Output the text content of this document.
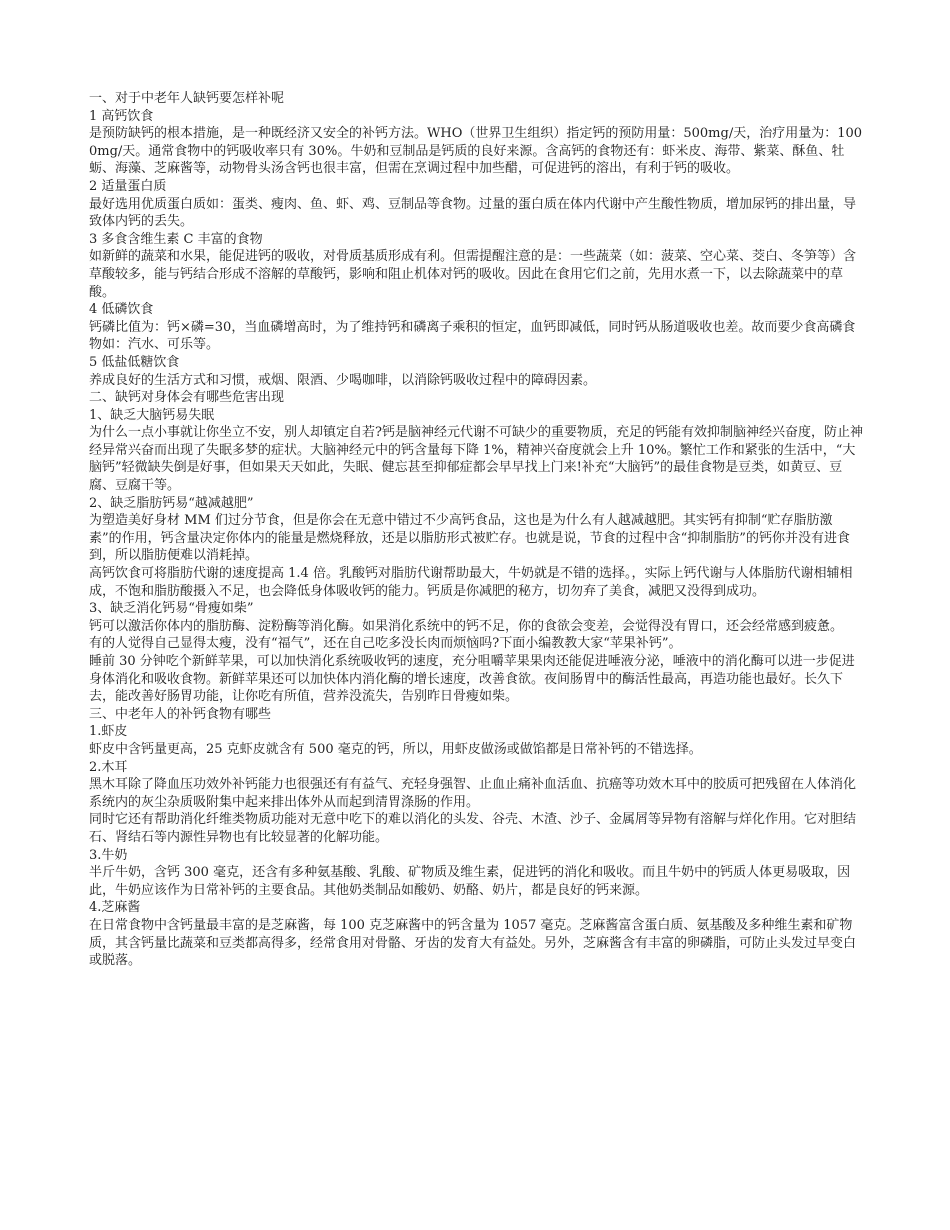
一、对于中老年人缺钙要怎样补呢

1 高钙饮食

是预防缺钙的根本措施，是一种既经济又安全的补钙方法。WHO（世界卫生组织）指定钙的预防用量：500mg/天，治疗用量为：1000mg/天。通常食物中的钙吸收率只有 30%。牛奶和豆制品是钙质的良好来源。含高钙的食物还有：虾米皮、海带、紫菜、酥鱼、牡蛎、海藻、芝麻酱等，动物骨头汤含钙也很丰富，但需在烹调过程中加些醋，可促进钙的溶出，有利于钙的吸收。

2 适量蛋白质

最好选用优质蛋白质如：蛋类、瘦肉、鱼、虾、鸡、豆制品等食物。过量的蛋白质在体内代谢中产生酸性物质，增加尿钙的排出量，导致体内钙的丢失。

3 多食含维生素 C 丰富的食物

如新鲜的蔬菜和水果，能促进钙的吸收，对骨质基质形成有利。但需提醒注意的是：一些蔬菜（如：菠菜、空心菜、茭白、冬笋等）含草酸较多，能与钙结合形成不溶解的草酸钙，影响和阻止机体对钙的吸收。因此在食用它们之前，先用水煮一下，以去除蔬菜中的草酸。

4 低磷饮食

钙磷比值为：钙×磷=30，当血磷增高时，为了维持钙和磷离子乘积的恒定，血钙即减低，同时钙从肠道吸收也差。故而要少食高磷食物如：汽水、可乐等。

5 低盐低糖饮食

养成良好的生活方式和习惯，戒烟、限酒、少喝咖啡，以消除钙吸收过程中的障碍因素。

二、缺钙对身体会有哪些危害出现

1、缺乏大脑钙易失眠

为什么一点小事就让你坐立不安，别人却镇定自若?钙是脑神经元代谢不可缺少的重要物质，充足的钙能有效抑制脑神经兴奋度，防止神经异常兴奋而出现了失眠多梦的症状。大脑神经元中的钙含量每下降 1%，精神兴奋度就会上升 10%。繁忙工作和紧张的生活中，“大脑钙”轻微缺失倒是好事，但如果天天如此，失眠、健忘甚至抑郁症都会早早找上门来!补充“大脑钙”的最佳食物是豆类，如黄豆、豆腐、豆腐干等。

2、缺乏脂肪钙易“越减越肥”

为塑造美好身材 MM 们过分节食，但是你会在无意中错过不少高钙食品，这也是为什么有人越减越肥。其实钙有抑制“贮存脂肪激素”的作用，钙含量决定你体内的能量是燃烧释放，还是以脂肪形式被贮存。也就是说，节食的过程中含“抑制脂肪”的钙你并没有进食到，所以脂肪便难以消耗掉。

高钙饮食可将脂肪代谢的速度提高 1.4 倍。乳酸钙对脂肪代谢帮助最大，牛奶就是不错的选择。，实际上钙代谢与人体脂肪代谢相辅相成，不饱和脂肪酸摄入不足，也会降低身体吸收钙的能力。钙质是你减肥的秘方，切勿弃了美食，减肥又没得到成功。

3、缺乏消化钙易“骨瘦如柴”

钙可以激活你体内的脂肪酶、淀粉酶等消化酶。如果消化系统中的钙不足，你的食欲会变差，会觉得没有胃口，还会经常感到疲惫。

有的人觉得自己显得太瘦，没有“福气”，还在自己吃多没长肉而烦恼吗?下面小编教教大家“苹果补钙”。

睡前 30 分钟吃个新鲜苹果，可以加快消化系统吸收钙的速度，充分咀嚼苹果果肉还能促进唾液分泌，唾液中的消化酶可以进一步促进身体消化和吸收食物。新鲜苹果还可以加快体内消化酶的增长速度，改善食欲。夜间肠胃中的酶活性最高，再造功能也最好。长久下去，能改善好肠胃功能，让你吃有所值，营养没流失，告别昨日骨瘦如柴。

三、中老年人的补钙食物有哪些

1.虾皮

虾皮中含钙量更高，25 克虾皮就含有 500 毫克的钙，所以，用虾皮做汤或做馅都是日常补钙的不错选择。

2.木耳

黑木耳除了降血压功效外补钙能力也很强还有有益气、充轻身强智、止血止痛补血活血、抗癌等功效木耳中的胶质可把残留在人体消化系统内的灰尘杂质吸附集中起来排出体外从而起到清胃涤肠的作用。

同时它还有帮助消化纤维类物质功能对无意中吃下的难以消化的头发、谷壳、木渣、沙子、金属屑等异物有溶解与烊化作用。它对胆结石、肾结石等内源性异物也有比较显著的化解功能。

3.牛奶

半斤牛奶，含钙 300 毫克，还含有多种氨基酸、乳酸、矿物质及维生素，促进钙的消化和吸收。而且牛奶中的钙质人体更易吸取，因此，牛奶应该作为日常补钙的主要食品。其他奶类制品如酸奶、奶酪、奶片，都是良好的钙来源。

4.芝麻酱

在日常食物中含钙量最丰富的是芝麻酱，每 100 克芝麻酱中的钙含量为 1057 毫克。芝麻酱富含蛋白质、氨基酸及多种维生素和矿物质，其含钙量比蔬菜和豆类都高得多，经常食用对骨骼、牙齿的发育大有益处。另外，芝麻酱含有丰富的卵磷脂，可防止头发过早变白或脱落。
